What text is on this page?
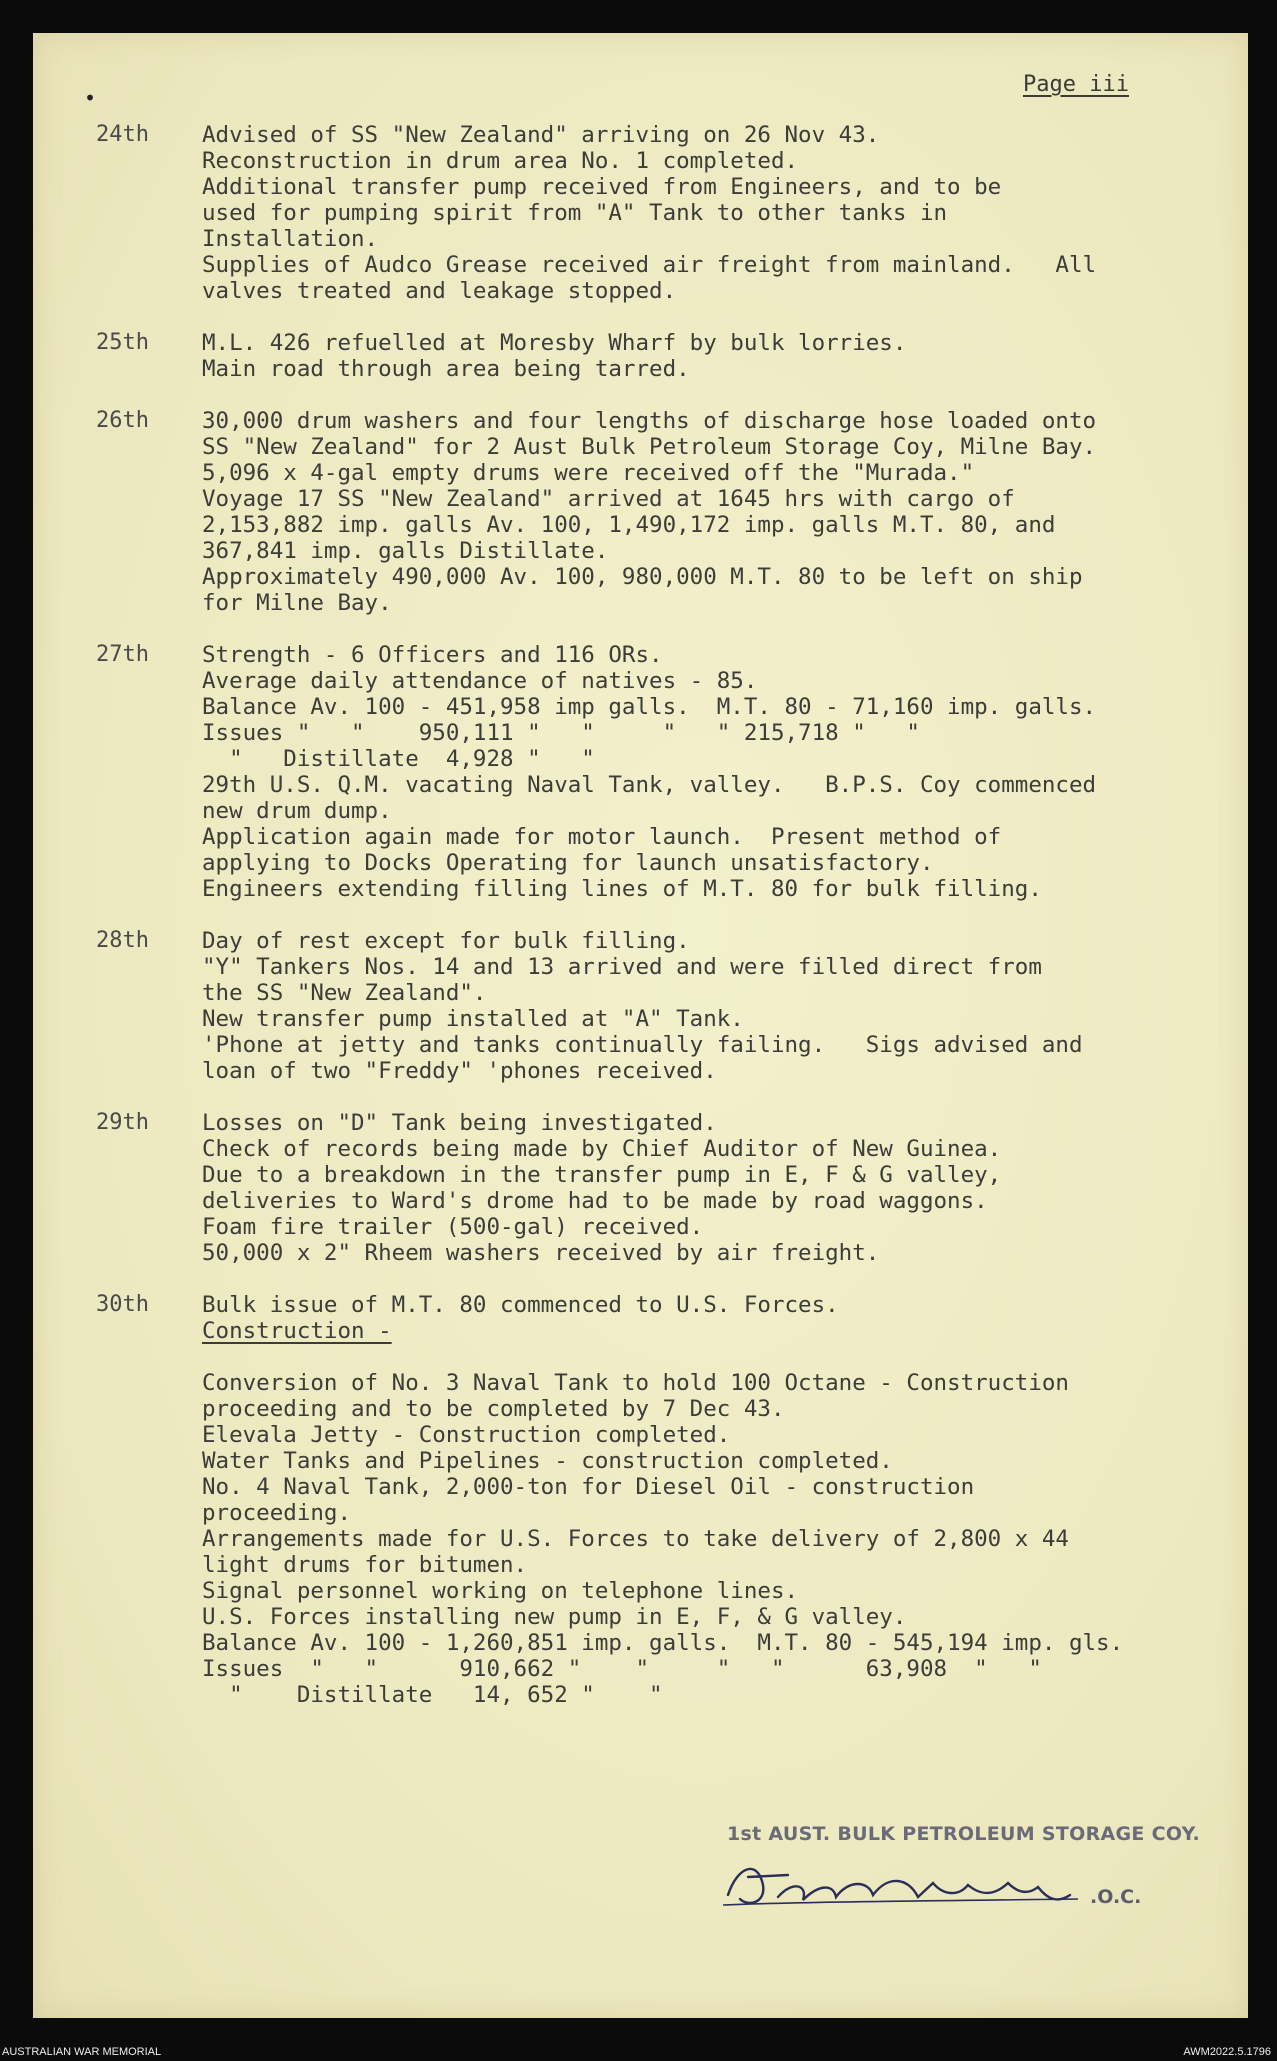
Page iii
•
24th Advised of SS "New Zealand" arriving on 26 Nov 43.
Reconstruction in drum area No. 1 completed.
Additional transfer pump received from Engineers, and to be
used for pumping spirit from "A" Tank to other tanks in
Installation.
Supplies of Audco Grease received air freight from mainland.   All
valves treated and leakage stopped.
25th M.L. 426 refuelled at Moresby Wharf by bulk lorries.
Main road through area being tarred.
26th 30,000 drum washers and four lengths of discharge hose loaded onto
SS "New Zealand" for 2 Aust Bulk Petroleum Storage Coy, Milne Bay.
5,096 x 4-gal empty drums were received off the "Murada."
Voyage 17 SS "New Zealand" arrived at 1645 hrs with cargo of
2,153,882 imp. galls Av. 100, 1,490,172 imp. galls M.T. 80, and
367,841 imp. galls Distillate.
Approximately 490,000 Av. 100, 980,000 M.T. 80 to be left on ship
for Milne Bay.
27th Strength - 6 Officers and 116 ORs.
Average daily attendance of natives - 85.
Balance Av. 100 - 451,958 imp galls.  M.T. 80 - 71,160 imp. galls.
Issues "   "    950,111 "   "     "   " 215,718 "   "
"   Distillate  4,928 "   "
29th U.S. Q.M. vacating Naval Tank, valley.   B.P.S. Coy commenced
new drum dump.
Application again made for motor launch.  Present method of
applying to Docks Operating for launch unsatisfactory.
Engineers extending filling lines of M.T. 80 for bulk filling.
28th Day of rest except for bulk filling.
"Y" Tankers Nos. 14 and 13 arrived and were filled direct from
the SS "New Zealand".
New transfer pump installed at "A" Tank.
'Phone at jetty and tanks continually failing.   Sigs advised and
loan of two "Freddy" 'phones received.
29th Losses on "D" Tank being investigated.
Check of records being made by Chief Auditor of New Guinea.
Due to a breakdown in the transfer pump in E, F & G valley,
deliveries to Ward's drome had to be made by road waggons.
Foam fire trailer (500-gal) received.
50,000 x 2" Rheem washers received by air freight.
30th Bulk issue of M.T. 80 commenced to U.S. Forces.
Construction -
Conversion of No. 3 Naval Tank to hold 100 Octane - Construction
proceeding and to be completed by 7 Dec 43.
Elevala Jetty - Construction completed.
Water Tanks and Pipelines - construction completed.
No. 4 Naval Tank, 2,000-ton for Diesel Oil - construction
proceeding.
Arrangements made for U.S. Forces to take delivery of 2,800 x 44
light drums for bitumen.
Signal personnel working on telephone lines.
U.S. Forces installing new pump in E, F, & G valley.
Balance Av. 100 - 1,260,851 imp. galls.  M.T. 80 - 545,194 imp. gls.
Issues  "   "      910,662 "    "     "   "      63,908  "   "
"    Distillate   14, 652 "    "
1st AUST. BULK PETROLEUM STORAGE COY.
.O.C.
AUSTRALIAN WAR MEMORIAL	AWM2022.5.1796
